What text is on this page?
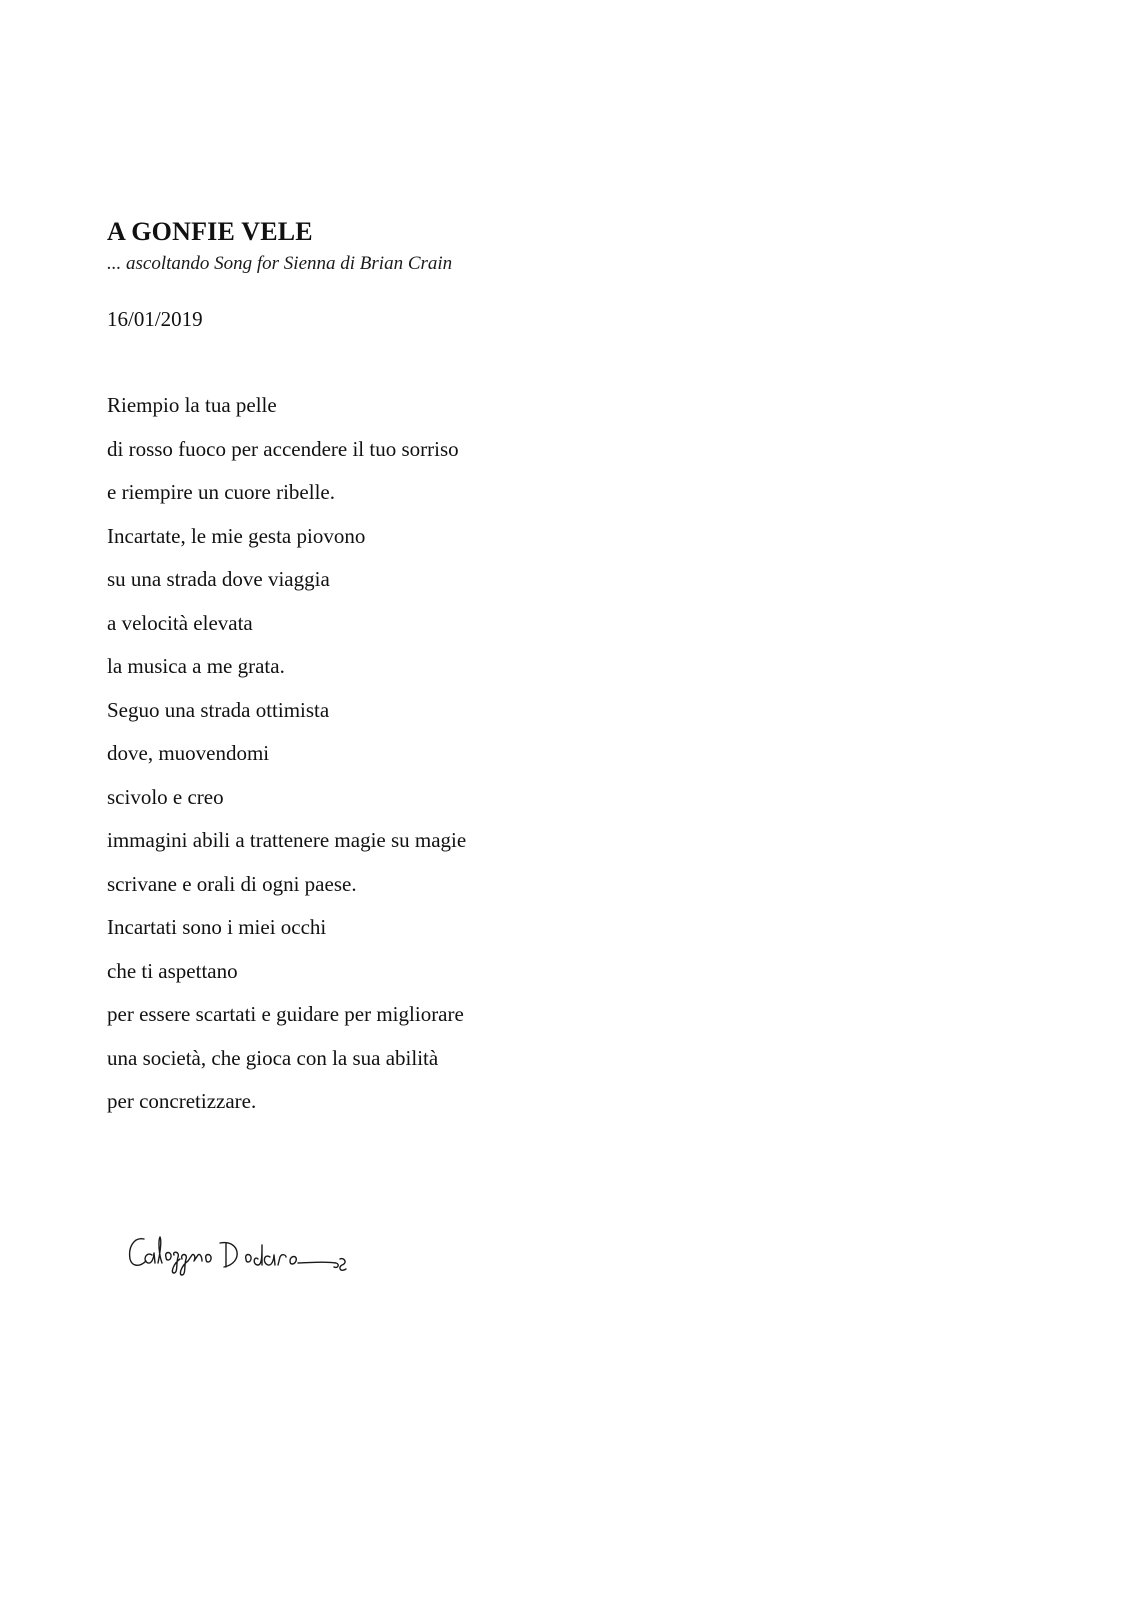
A GONFIE VELE
... ascoltando Song for Sienna di Brian Crain
16/01/2019
Riempio la tua pelle
di rosso fuoco per accendere il tuo sorriso
e riempire un cuore ribelle.
Incartate, le mie gesta piovono
su una strada dove viaggia
a velocità elevata
la musica a me grata.
Seguo una strada ottimista
dove, muovendomi
scivolo e creo
immagini abili a trattenere magie su magie
scrivane e orali di ogni paese.
Incartati sono i miei occhi
che ti aspettano
per essere scartati e guidare per migliorare
una società, che gioca con la sua abilità
per concretizzare.
